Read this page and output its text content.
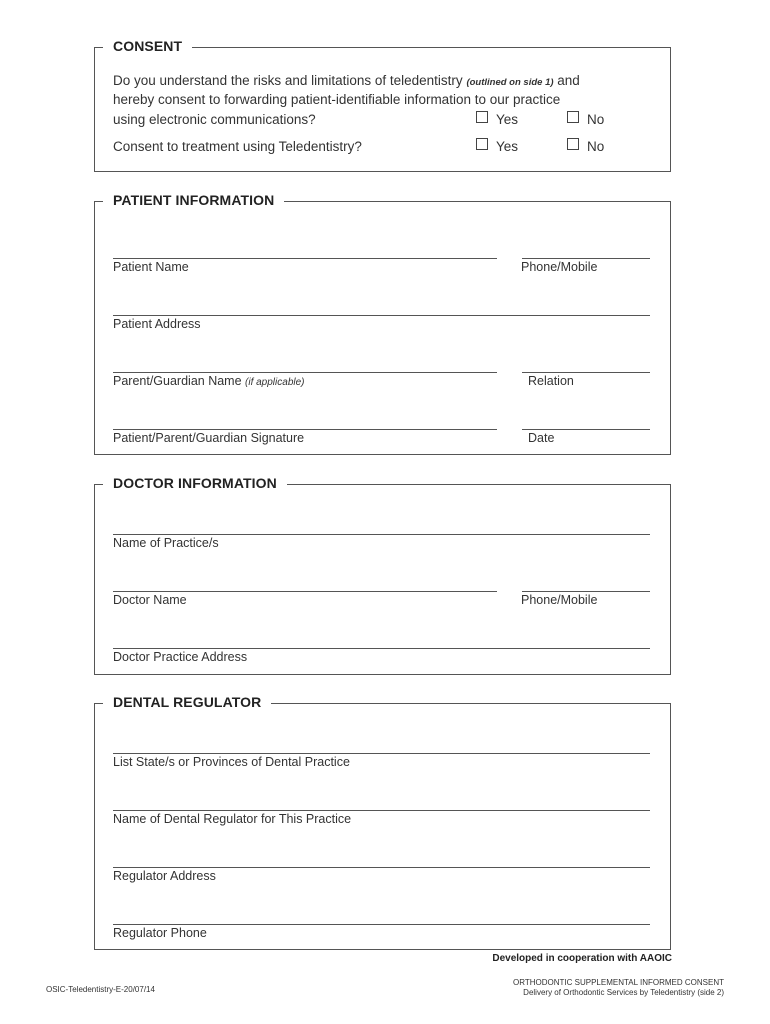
CONSENT
Do you understand the risks and limitations of teledentistry (outlined on side 1) and
hereby consent to forwarding patient-identifiable information to our practice
using electronic communications?	Yes	No
Consent to treatment using Teledentistry?	Yes	No
PATIENT INFORMATION
Patient Name	Phone/Mobile
Patient Address
Parent/Guardian Name (if applicable)	Relation
Patient/Parent/Guardian Signature	Date
DOCTOR INFORMATION
Name of Practice/s
Doctor Name	Phone/Mobile
Doctor Practice Address
DENTAL REGULATOR
List State/s or Provinces of Dental Practice
Name of Dental Regulator for This Practice
Regulator Address
Regulator Phone
Developed in cooperation with AAOIC
OSIC-Teledentistry-E-20/07/14
ORTHODONTIC SUPPLEMENTAL INFORMED CONSENT
Delivery of Orthodontic Services by Teledentistry (side 2)
